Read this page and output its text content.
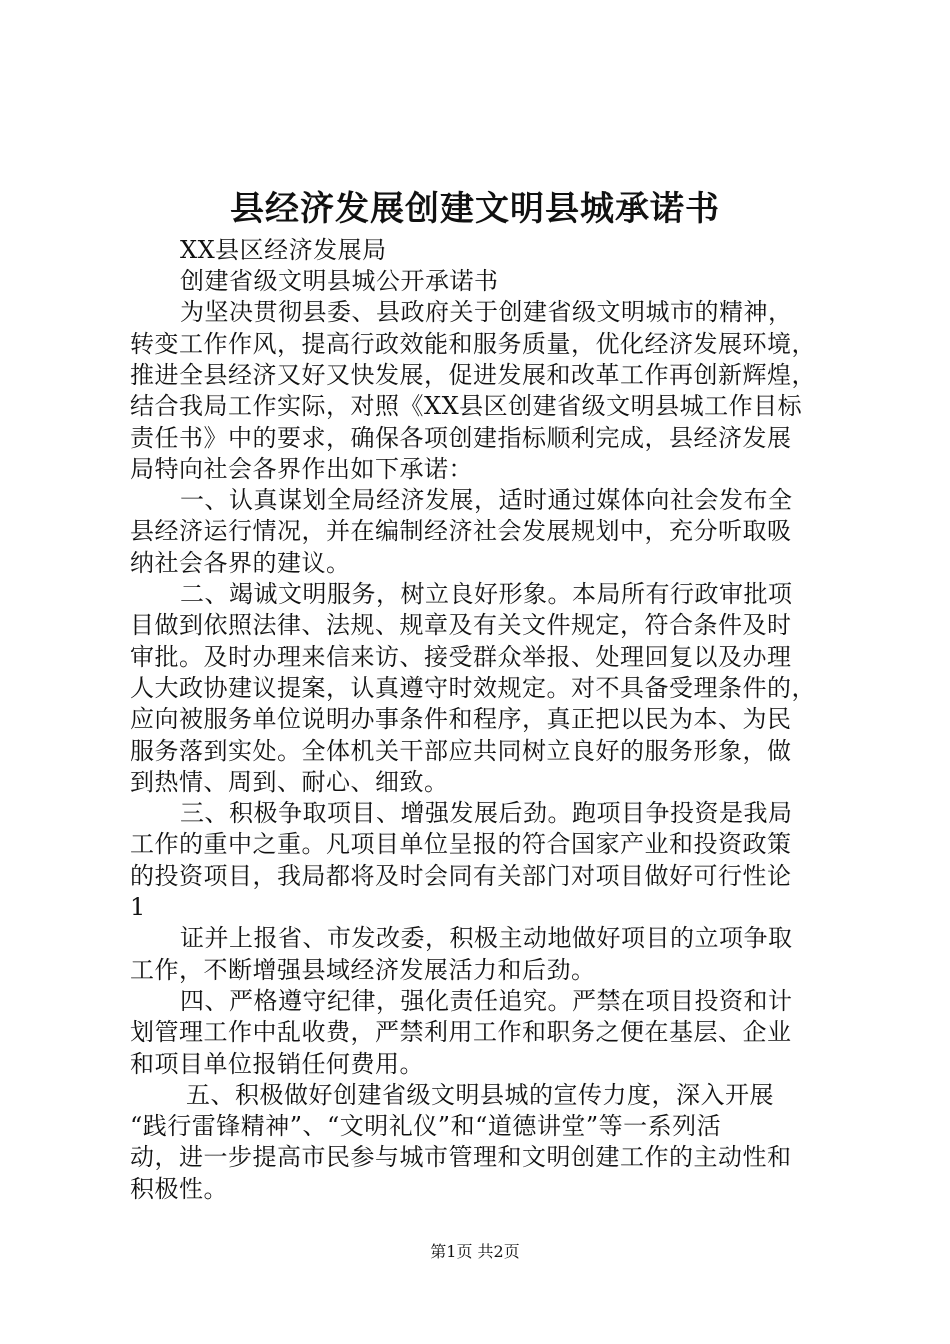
县经济发展创建文明县城承诺书

XX县区经济发展局

创建省级文明县城公开承诺书

为坚决贯彻县委、县政府关于创建省级文明城市的精神，

转变工作作风，提高行政效能和服务质量，优化经济发展环境，

推进全县经济又好又快发展，促进发展和改革工作再创新辉煌，

结合我局工作实际，对照《XX县区创建省级文明县城工作目标

责任书》中的要求，确保各项创建指标顺利完成，县经济发展

局特向社会各界作出如下承诺：

一、认真谋划全局经济发展，适时通过媒体向社会发布全

县经济运行情况，并在编制经济社会发展规划中，充分听取吸

纳社会各界的建议。

二、竭诚文明服务，树立良好形象。本局所有行政审批项

目做到依照法律、法规、规章及有关文件规定，符合条件及时

审批。及时办理来信来访、接受群众举报、处理回复以及办理

人大政协建议提案，认真遵守时效规定。对不具备受理条件的，

应向被服务单位说明办事条件和程序，真正把以民为本、为民

服务落到实处。全体机关干部应共同树立良好的服务形象，做

到热情、周到、耐心、细致。

三、积极争取项目、增强发展后劲。跑项目争投资是我局

工作的重中之重。凡项目单位呈报的符合国家产业和投资政策

的投资项目，我局都将及时会同有关部门对项目做好可行性论

1

证并上报省、市发改委，积极主动地做好项目的立项争取

工作，不断增强县域经济发展活力和后劲。

四、严格遵守纪律，强化责任追究。严禁在项目投资和计

划管理工作中乱收费，严禁利用工作和职务之便在基层、企业

和项目单位报销任何费用。

五、积极做好创建省级文明县城的宣传力度，深入开展

“践行雷锋精神”、“文明礼仪”和“道德讲堂”等一系列活

动，进一步提高市民参与城市管理和文明创建工作的主动性和

积极性。

第1页 共2页
